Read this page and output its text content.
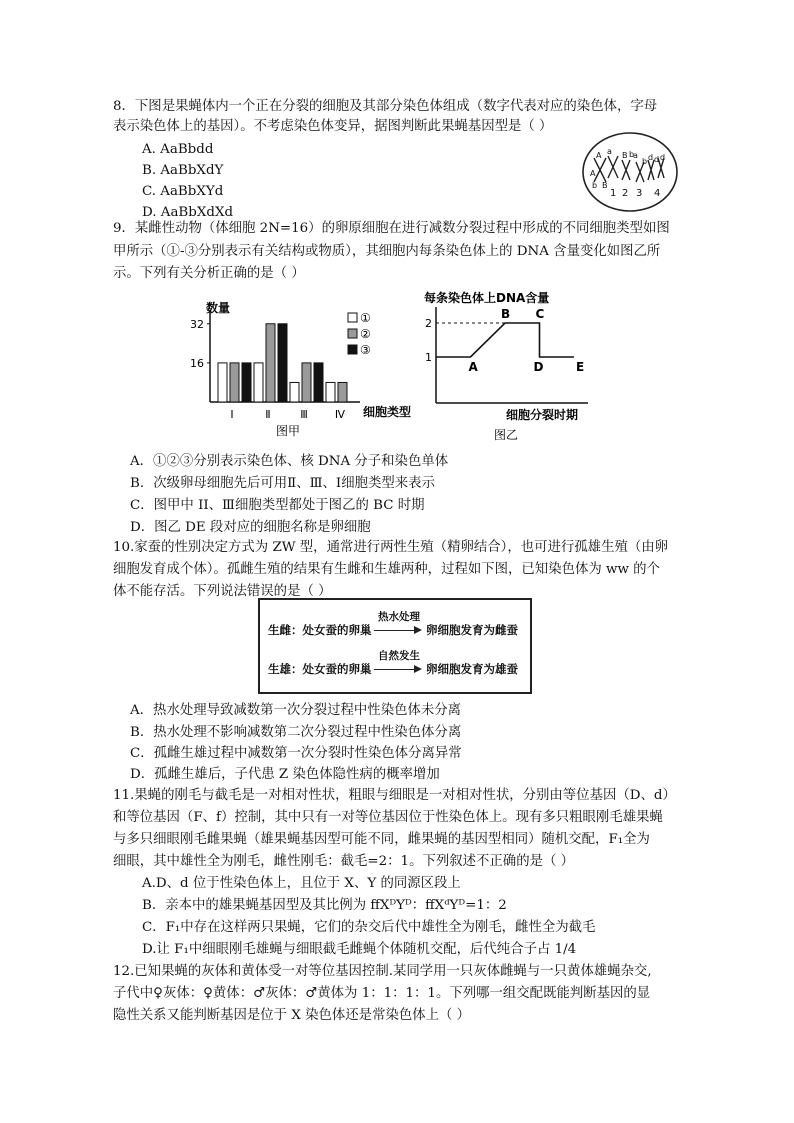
8．下图是果蝇体内一个正在分裂的细胞及其部分染色体组成（数字代表对应的染色体，字母
表示染色体上的基因）。不考虑染色体变异，据图判断此果蝇基因型是（ ）
A. AaBbdd
B. AaBbXdY
C. AaBbXYd
D. AaBbXdXd
A a B b
A
b B
a
b d d d
1 2 3 4
9．某雌性动物（体细胞 2N=16）的卵原细胞在进行减数分裂过程中形成的不同细胞类型如图
甲所示（①-③分别表示有关结构或物质），其细胞内每条染色体上的 DNA 含量变化如图乙所
示。下列有关分析正确的是（ ）
16
32
Ⅰ	Ⅱ	Ⅲ Ⅳ
①
②
③
数量
细胞类型
图甲
1
2
A
B C
D	E
每条染色体上DNA含量
细胞分裂时期
图乙
A．①②③分别表示染色体、核 DNA 分子和染色单体
B．次级卵母细胞先后可用Ⅱ、Ⅲ、Ⅰ细胞类型来表示
C．图甲中 II、Ⅲ细胞类型都处于图乙的 BC 时期
D．图乙 DE 段对应的细胞名称是卵细胞
10.家蚕的性别决定方式为 ZW 型，通常进行两性生殖（精卵结合），也可进行孤雄生殖（由卵
细胞发育成个体）。孤雌生殖的结果有生雌和生雄两种，过程如下图，已知染色体为 ww 的个
体不能存活。下列说法错误的是（ ）
生雌：处女蚕的卵巢
热水处理
卵细胞发育为雌蚕
生雄：处女蚕的卵巢
自然发生
卵细胞发育为雄蚕
A．热水处理导致减数第一次分裂过程中性染色体未分离
B．热水处理不影响减数第二次分裂过程中性染色体分离
C．孤雌生雄过程中减数第一次分裂时性染色体分离异常
D．孤雌生雄后，子代患 Z 染色体隐性病的概率增加
11.果蝇的刚毛与截毛是一对相对性状，粗眼与细眼是一对相对性状，分别由等位基因（D、d）
和等位基因（F、f）控制，其中只有一对等位基因位于性染色体上。现有多只粗眼刚毛雄果蝇
与多只细眼刚毛雌果蝇（雄果蝇基因型可能不同，雌果蝇的基因型相同）随机交配，F₁全为
细眼，其中雄性全为刚毛，雌性刚毛：截毛=2：1。下列叙述不正确的是（ ）
A.D、d 位于性染色体上，且位于 X、Y 的同源区段上
B．亲本中的雄果蝇基因型及其比例为 ffXᴰYᴰ：ffXᵈYᴰ=1：2
C．F₁中存在这样两只果蝇，它们的杂交后代中雄性全为刚毛，雌性全为截毛
D.让 F₁中细眼刚毛雄蝇与细眼截毛雌蝇个体随机交配，后代纯合子占 1/4
12.已知果蝇的灰体和黄体受一对等位基因控制.某同学用一只灰体雌蝇与一只黄体雄蝇杂交,
子代中♀灰体：♀黄体：♂灰体：♂黄体为 1：1：1：1。下列哪一组交配既能判断基因的显
隐性关系又能判断基因是位于 X 染色体还是常染色体上（ ）
